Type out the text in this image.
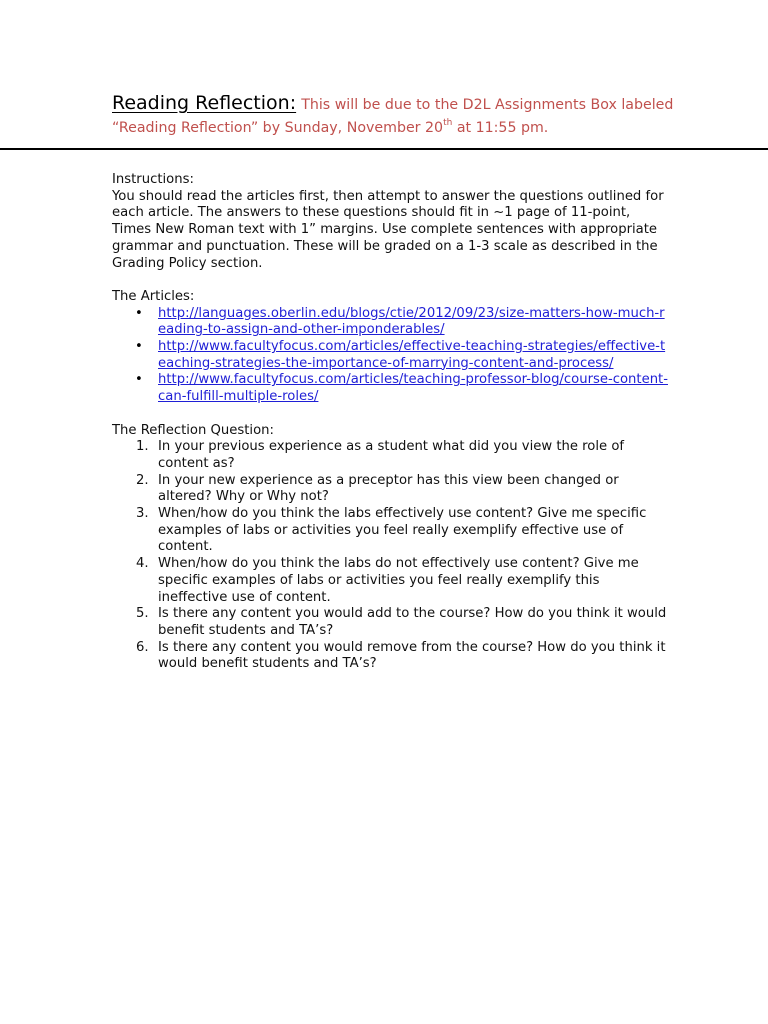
Reading Reflection: This will be due to the D2L Assignments Box labeled “Reading Reflection” by Sunday, November 20th at 11:55 pm.

Instructions:

You should read the articles first, then attempt to answer the questions outlined for each article. The answers to these questions should fit in ~1 page of 11-point, Times New Roman text with 1” margins. Use complete sentences with appropriate grammar and punctuation. These will be graded on a 1-3 scale as described in the Grading Policy section.

The Articles:

• http://languages.oberlin.edu/blogs/ctie/2012/09/23/size-matters-how-much-reading-to-assign-and-other-imponderables/
• http://www.facultyfocus.com/articles/effective-teaching-strategies/effective-teaching-strategies-the-importance-of-marrying-content-and-process/
• http://www.facultyfocus.com/articles/teaching-professor-blog/course-content-can-fulfill-multiple-roles/

The Reflection Question:

1. In your previous experience as a student what did you view the role of content as?
2. In your new experience as a preceptor has this view been changed or altered? Why or Why not?
3. When/how do you think the labs effectively use content? Give me specific examples of labs or activities you feel really exemplify effective use of content.
4. When/how do you think the labs do not effectively use content? Give me specific examples of labs or activities you feel really exemplify this ineffective use of content.
5. Is there any content you would add to the course? How do you think it would benefit students and TA’s?
6. Is there any content you would remove from the course? How do you think it would benefit students and TA’s?
